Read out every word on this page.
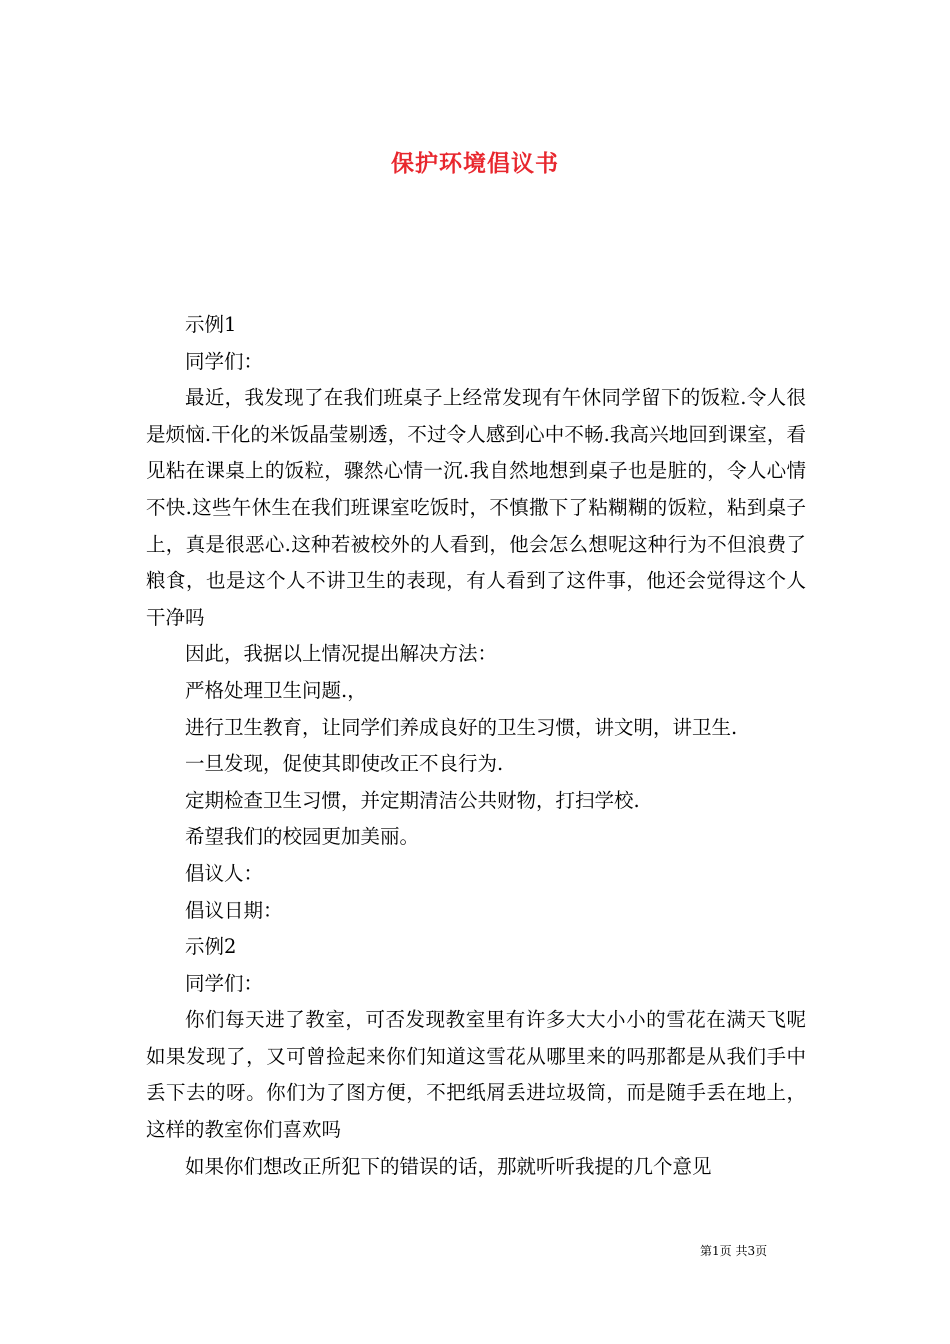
保护环境倡议书

示例1

同学们：

最近，我发现了在我们班桌子上经常发现有午休同学留下的饭粒.令人很是烦恼.干化的米饭晶莹剔透，不过令人感到心中不畅.我高兴地回到课室，看见粘在课桌上的饭粒，骤然心情一沉.我自然地想到桌子也是脏的，令人心情不快.这些午休生在我们班课室吃饭时，不慎撒下了粘糊糊的饭粒，粘到桌子上，真是很恶心.这种若被校外的人看到，他会怎么想呢这种行为不但浪费了粮食，也是这个人不讲卫生的表现，有人看到了这件事，他还会觉得这个人干净吗

因此，我据以上情况提出解决方法：

严格处理卫生问题.，

进行卫生教育，让同学们养成良好的卫生习惯，讲文明，讲卫生.

一旦发现，促使其即使改正不良行为.

定期检查卫生习惯，并定期清洁公共财物，打扫学校.

希望我们的校园更加美丽。

倡议人：

倡议日期：

示例2

同学们：

你们每天进了教室，可否发现教室里有许多大大小小的雪花在满天飞呢如果发现了，又可曾捡起来你们知道这雪花从哪里来的吗那都是从我们手中丢下去的呀。你们为了图方便，不把纸屑丢进垃圾筒，而是随手丢在地上，这样的教室你们喜欢吗

如果你们想改正所犯下的错误的话，那就听听我提的几个意见

第1页 共3页
